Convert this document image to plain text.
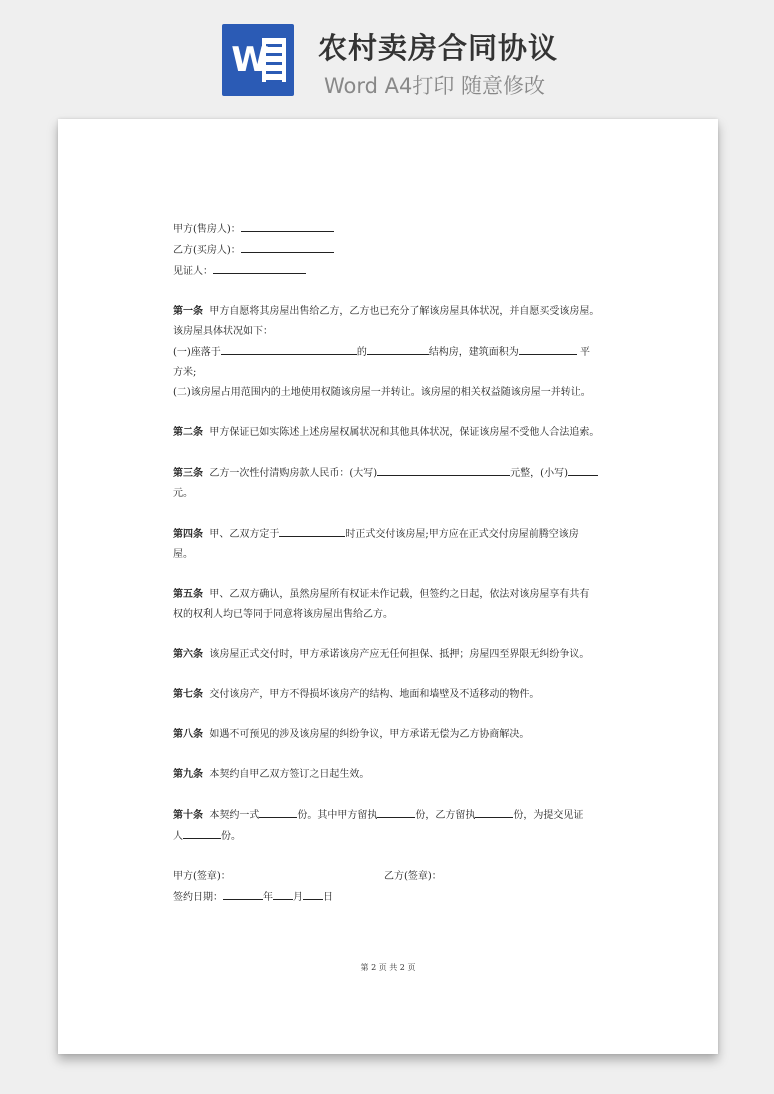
W 农村卖房合同协议
Word A4打印 随意修改

甲方(售房人)：

乙方(买房人)：

见证人：

第一条 甲方自愿将其房屋出售给乙方，乙方也已充分了解该房屋具体状况，并自愿买受该房屋。

该房屋具体状况如下：

(一)座落于	的	结构房，建筑面积为	平

方米;

(二)该房屋占用范围内的土地使用权随该房屋一并转让。该房屋的相关权益随该房屋一并转让。

第二条 甲方保证已如实陈述上述房屋权属状况和其他具体状况，保证该房屋不受他人合法追索。

第三条 乙方一次性付清购房款人民币：(大写)	元整，(小写)

元。

第四条 甲、乙双方定于	时正式交付该房屋;甲方应在正式交付房屋前腾空该房

屋。

第五条 甲、乙双方确认，虽然房屋所有权证未作记载，但签约之日起，依法对该房屋享有共有

权的权利人均已等同于同意将该房屋出售给乙方。

第六条 该房屋正式交付时，甲方承诺该房产应无任何担保、抵押；房屋四至界限无纠纷争议。

第七条 交付该房产，甲方不得损坏该房产的结构、地面和墙壁及不适移动的物件。

第八条 如遇不可预见的涉及该房屋的纠纷争议，甲方承诺无偿为乙方协商解决。

第九条 本契约自甲乙双方签订之日起生效。

第十条 本契约一式	份。其中甲方留执	份，乙方留执	份，为提交见证

人	份。

甲方(签章)：	乙方(签章)：

签约日期：	年 月 日

第 2 页 共 2 页
